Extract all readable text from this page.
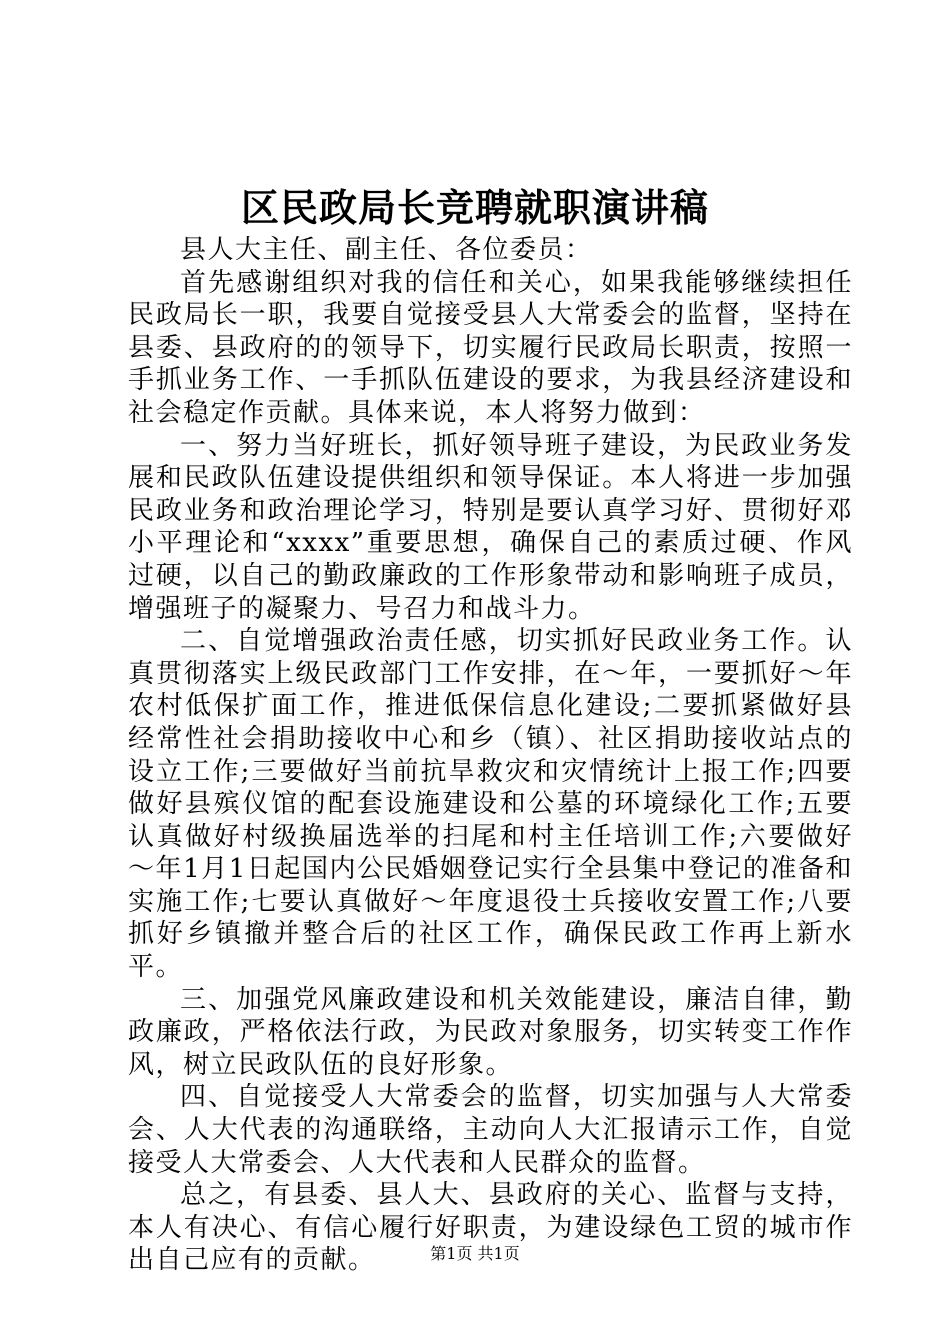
区民政局长竞聘就职演讲稿

县人大主任、副主任、各位委员：

首先感谢组织对我的信任和关心，如果我能够继续担任民政局长一职，我要自觉接受县人大常委会的监督，坚持在县委、县政府的的领导下，切实履行民政局长职责，按照一手抓业务工作、一手抓队伍建设的要求，为我县经济建设和社会稳定作贡献。具体来说，本人将努力做到：

一、努力当好班长，抓好领导班子建设，为民政业务发展和民政队伍建设提供组织和领导保证。本人将进一步加强民政业务和政治理论学习，特别是要认真学习好、贯彻好邓小平理论和“xxxx”重要思想，确保自己的素质过硬、作风过硬，以自己的勤政廉政的工作形象带动和影响班子成员，增强班子的凝聚力、号召力和战斗力。

二、自觉增强政治责任感，切实抓好民政业务工作。认真贯彻落实上级民政部门工作安排，在～年，一要抓好～年农村低保扩面工作，推进低保信息化建设;二要抓紧做好县经常性社会捐助接收中心和乡（镇）、社区捐助接收站点的设立工作;三要做好当前抗旱救灾和灾情统计上报工作;四要做好县殡仪馆的配套设施建设和公墓的环境绿化工作;五要认真做好村级换届选举的扫尾和村主任培训工作;六要做好～年1月1日起国内公民婚姻登记实行全县集中登记的准备和实施工作;七要认真做好～年度退役士兵接收安置工作;八要抓好乡镇撤并整合后的社区工作，确保民政工作再上新水平。

三、加强党风廉政建设和机关效能建设，廉洁自律，勤政廉政，严格依法行政，为民政对象服务，切实转变工作作风，树立民政队伍的良好形象。

四、自觉接受人大常委会的监督，切实加强与人大常委会、人大代表的沟通联络，主动向人大汇报请示工作，自觉接受人大常委会、人大代表和人民群众的监督。

总之，有县委、县人大、县政府的关心、监督与支持，本人有决心、有信心履行好职责，为建设绿色工贸的城市作出自己应有的贡献。	第1页 共1页
